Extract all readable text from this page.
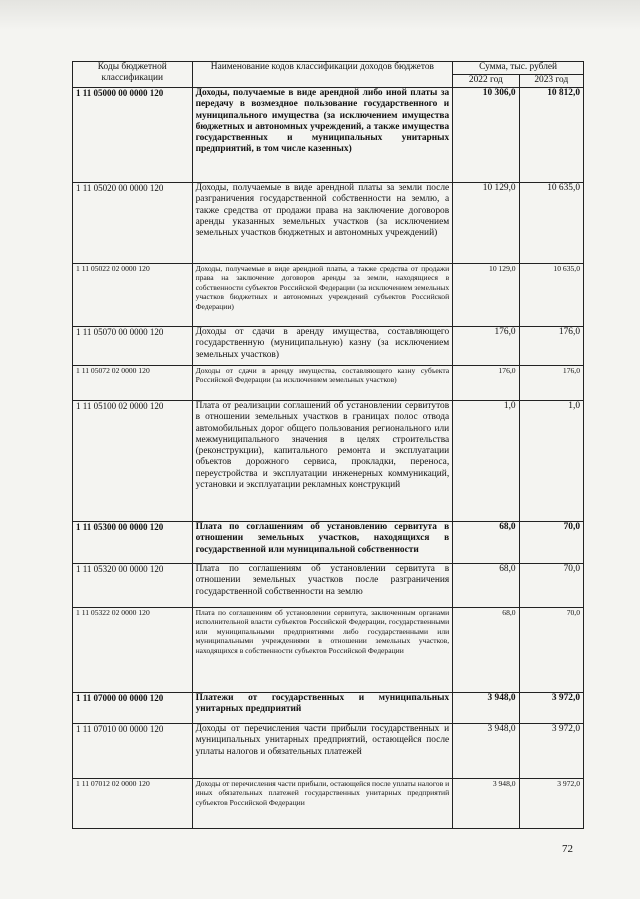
Коды бюджетной классификации	Наименование кодов классификации доходов бюджетов	Сумма, тыс. рублей	
		2022 год	2023 год
1 11 05000 00 0000 120	Доходы, получаемые в виде арендной либо иной платы за передачу в возмездное пользование государственного и муниципального имущества (за исключением имущества бюджетных и автономных учреждений, а также имущества государственных и муниципальных унитарных предприятий, в том числе казенных)	10 306,0	10 812,0
1 11 05020 00 0000 120	Доходы, получаемые в виде арендной платы за земли после разграничения государственной собственности на землю, а также средства от продажи права на заключение договоров аренды указанных земельных участков (за исключением земельных участков бюджетных и автономных учреждений)	10 129,0	10 635,0
1 11 05022 02 0000 120	Доходы, получаемые в виде арендной платы, а также средства от продажи права на заключение договоров аренды за земли, находящиеся в собственности субъектов Российской Федерации (за исключением земельных участков бюджетных и автономных учреждений субъектов Российской Федерации)	10 129,0	10 635,0
1 11 05070 00 0000 120	Доходы от сдачи в аренду имущества, составляющего государственную (муниципальную) казну (за исключением земельных участков)	176,0	176,0
1 11 05072 02 0000 120	Доходы от сдачи в аренду имущества, составляющего казну субъекта Российской Федерации (за исключением земельных участков)	176,0	176,0
1 11 05100 02 0000 120	Плата от реализации соглашений об установлении сервитутов в отношении земельных участков в границах полос отвода автомобильных дорог общего пользования регионального или межмуниципального значения в целях строительства (реконструкции), капитального ремонта и эксплуатации объектов дорожного сервиса, прокладки, переноса, переустройства и эксплуатации инженерных коммуникаций, установки и эксплуатации рекламных конструкций	1,0	1,0
1 11 05300 00 0000 120	Плата по соглашениям об установлению сервитута в отношении земельных участков, находящихся в государственной или муниципальной собственности	68,0	70,0
1 11 05320 00 0000 120	Плата по соглашениям об установлении сервитута в отношении земельных участков после разграничения государственной собственности на землю	68,0	70,0
1 11 05322 02 0000 120	Плата по соглашениям об установлении сервитута, заключенным органами исполнительной власти субъектов Российской Федерации, государственными или муниципальными предприятиями либо государственными или муниципальными учреждениями в отношении земельных участков, находящихся в собственности субъектов Российской Федерации	68,0	70,0
1 11 07000 00 0000 120	Платежи от государственных и муниципальных унитарных предприятий	3 948,0	3 972,0
1 11 07010 00 0000 120	Доходы от перечисления части прибыли государственных и муниципальных унитарных предприятий, остающейся после уплаты налогов и обязательных платежей	3 948,0	3 972,0
1 11 07012 02 0000 120	Доходы от перечисления части прибыли, остающейся после уплаты налогов и иных обязательных платежей государственных унитарных предприятий субъектов Российской Федерации	3 948,0	3 972,0
72
